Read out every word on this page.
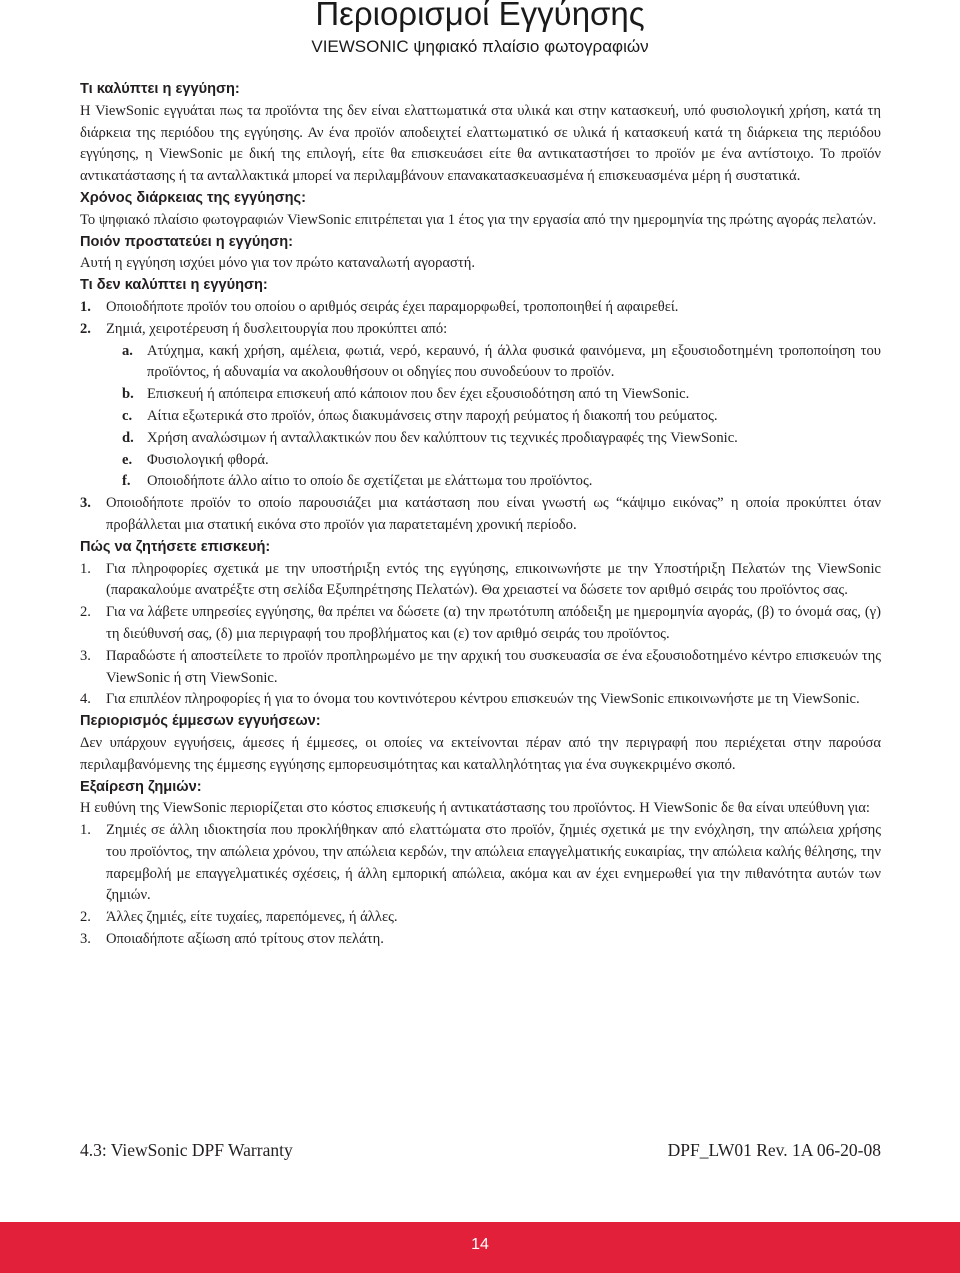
Περιορισμοί Εγγύησης
VIEWSONIC ψηφιακό πλαίσιο φωτογραφιών
Τι καλύπτει η εγγύηση:

Η ViewSonic εγγυάται πως τα προϊόντα της δεν είναι ελαττωματικά στα υλικά και στην κατασκευή, υπό φυσιολογική χρήση, κατά τη διάρκεια της περιόδου της εγγύησης. Αν ένα προϊόν αποδειχτεί ελαττωματικό σε υλικά ή κατασκευή κατά τη διάρκεια της περιόδου εγγύησης, η ViewSonic με δική της επιλογή, είτε θα επισκευάσει είτε θα αντικαταστήσει το προϊόν με ένα αντίστοιχο. Το προϊόν αντικατάστασης ή τα ανταλλακτικά μπορεί να περιλαμβάνουν επανακατασκευασμένα ή επισκευασμένα μέρη ή συστατικά.

Χρόνος διάρκειας της εγγύησης:

Το ψηφιακό πλαίσιο φωτογραφιών ViewSonic επιτρέπεται για 1 έτος για την εργασία από την ημερομηνία της πρώτης αγοράς πελατών.

Ποιόν προστατεύει η εγγύηση:

Αυτή η εγγύηση ισχύει μόνο για τον πρώτο καταναλωτή αγοραστή.

Τι δεν καλύπτει η εγγύηση:
1.	Οποιοδήποτε προϊόν του οποίου ο αριθμός σειράς έχει παραμορφωθεί, τροποποιηθεί ή αφαιρεθεί.
2.	Ζημιά, χειροτέρευση ή δυσλειτουργία που προκύπτει από:
a. Ατύχημα, κακή χρήση, αμέλεια, φωτιά, νερό, κεραυνό, ή άλλα φυσικά φαινόμενα, μη εξουσιοδοτημένη τροποποίηση του προϊόντος, ή αδυναμία να ακολουθήσουν οι οδηγίες που συνοδεύουν το προϊόν.
b. Επισκευή ή απόπειρα επισκευή από κάποιον που δεν έχει εξουσιοδότηση από τη ViewSonic.
c.	Αίτια εξωτερικά στο προϊόν, όπως διακυμάνσεις στην παροχή ρεύματος ή διακοπή του ρεύματος.
d. Χρήση αναλώσιμων ή ανταλλακτικών που δεν καλύπτουν τις τεχνικές προδιαγραφές της ViewSonic.
e.	Φυσιολογική φθορά.
f.	Οποιοδήποτε άλλο αίτιο το οποίο δε σχετίζεται με ελάττωμα του προϊόντος.
3.	Οποιοδήποτε προϊόν το οποίο παρουσιάζει μια κατάσταση που είναι γνωστή ως “κάψιμο εικόνας” η οποία προκύπτει όταν προβάλλεται μια στατική εικόνα στο προϊόν για παρατεταμένη χρονική περίοδο.
Πώς να ζητήσετε επισκευή:
1.	Για πληροφορίες σχετικά με την υποστήριξη εντός της εγγύησης, επικοινωνήστε με την Υποστήριξη Πελατών της ViewSonic (παρακαλούμε ανατρέξτε στη σελίδα Εξυπηρέτησης Πελατών). Θα χρειαστεί να δώσετε τον αριθμό σειράς του προϊόντος σας.
2.	Για να λάβετε υπηρεσίες εγγύησης, θα πρέπει να δώσετε (α) την πρωτότυπη απόδειξη με ημερομηνία αγοράς, (β) το όνομά σας, (γ) τη διεύθυνσή σας, (δ) μια περιγραφή του προβλήματος και (ε) τον αριθμό σειράς του προϊόντος.
3.	Παραδώστε ή αποστείλετε το προϊόν προπληρωμένο με την αρχική του συσκευασία σε ένα εξουσιοδοτημένο κέντρο επισκευών της ViewSonic ή στη ViewSonic.
4.	Για επιπλέον πληροφορίες ή για το όνομα του κοντινότερου κέντρου επισκευών της ViewSonic επικοινωνήστε με τη ViewSonic.
Περιορισμός έμμεσων εγγυήσεων:

Δεν υπάρχουν εγγυήσεις, άμεσες ή έμμεσες, οι οποίες να εκτείνονται πέραν από την περιγραφή που περιέχεται στην παρούσα περιλαμβανόμενης της έμμεσης εγγύησης εμπορευσιμότητας και καταλληλότητας για ένα συγκεκριμένο σκοπό.

Εξαίρεση ζημιών:

Η ευθύνη της ViewSonic περιορίζεται στο κόστος επισκευής ή αντικατάστασης του προϊόντος. Η ViewSonic δε θα είναι υπεύθυνη για:

1.	Ζημιές σε άλλη ιδιοκτησία που προκλήθηκαν από ελαττώματα στο προϊόν, ζημιές σχετικά με την ενόχληση, την απώλεια χρήσης του προϊόντος, την απώλεια χρόνου, την απώλεια κερδών, την απώλεια επαγγελματικής ευκαιρίας, την απώλεια καλής θέλησης, την παρεμβολή με επαγγελματικές σχέσεις, ή άλλη εμπορική απώλεια, ακόμα και αν έχει ενημερωθεί για την πιθανότητα αυτών των ζημιών.
2.	Άλλες ζημιές, είτε τυχαίες, παρεπόμενες, ή άλλες.
3.	Οποιαδήποτε αξίωση από τρίτους στον πελάτη.
4.3: ViewSonic DPF Warranty	DPF_LW01 Rev. 1A 06-20-08
14
